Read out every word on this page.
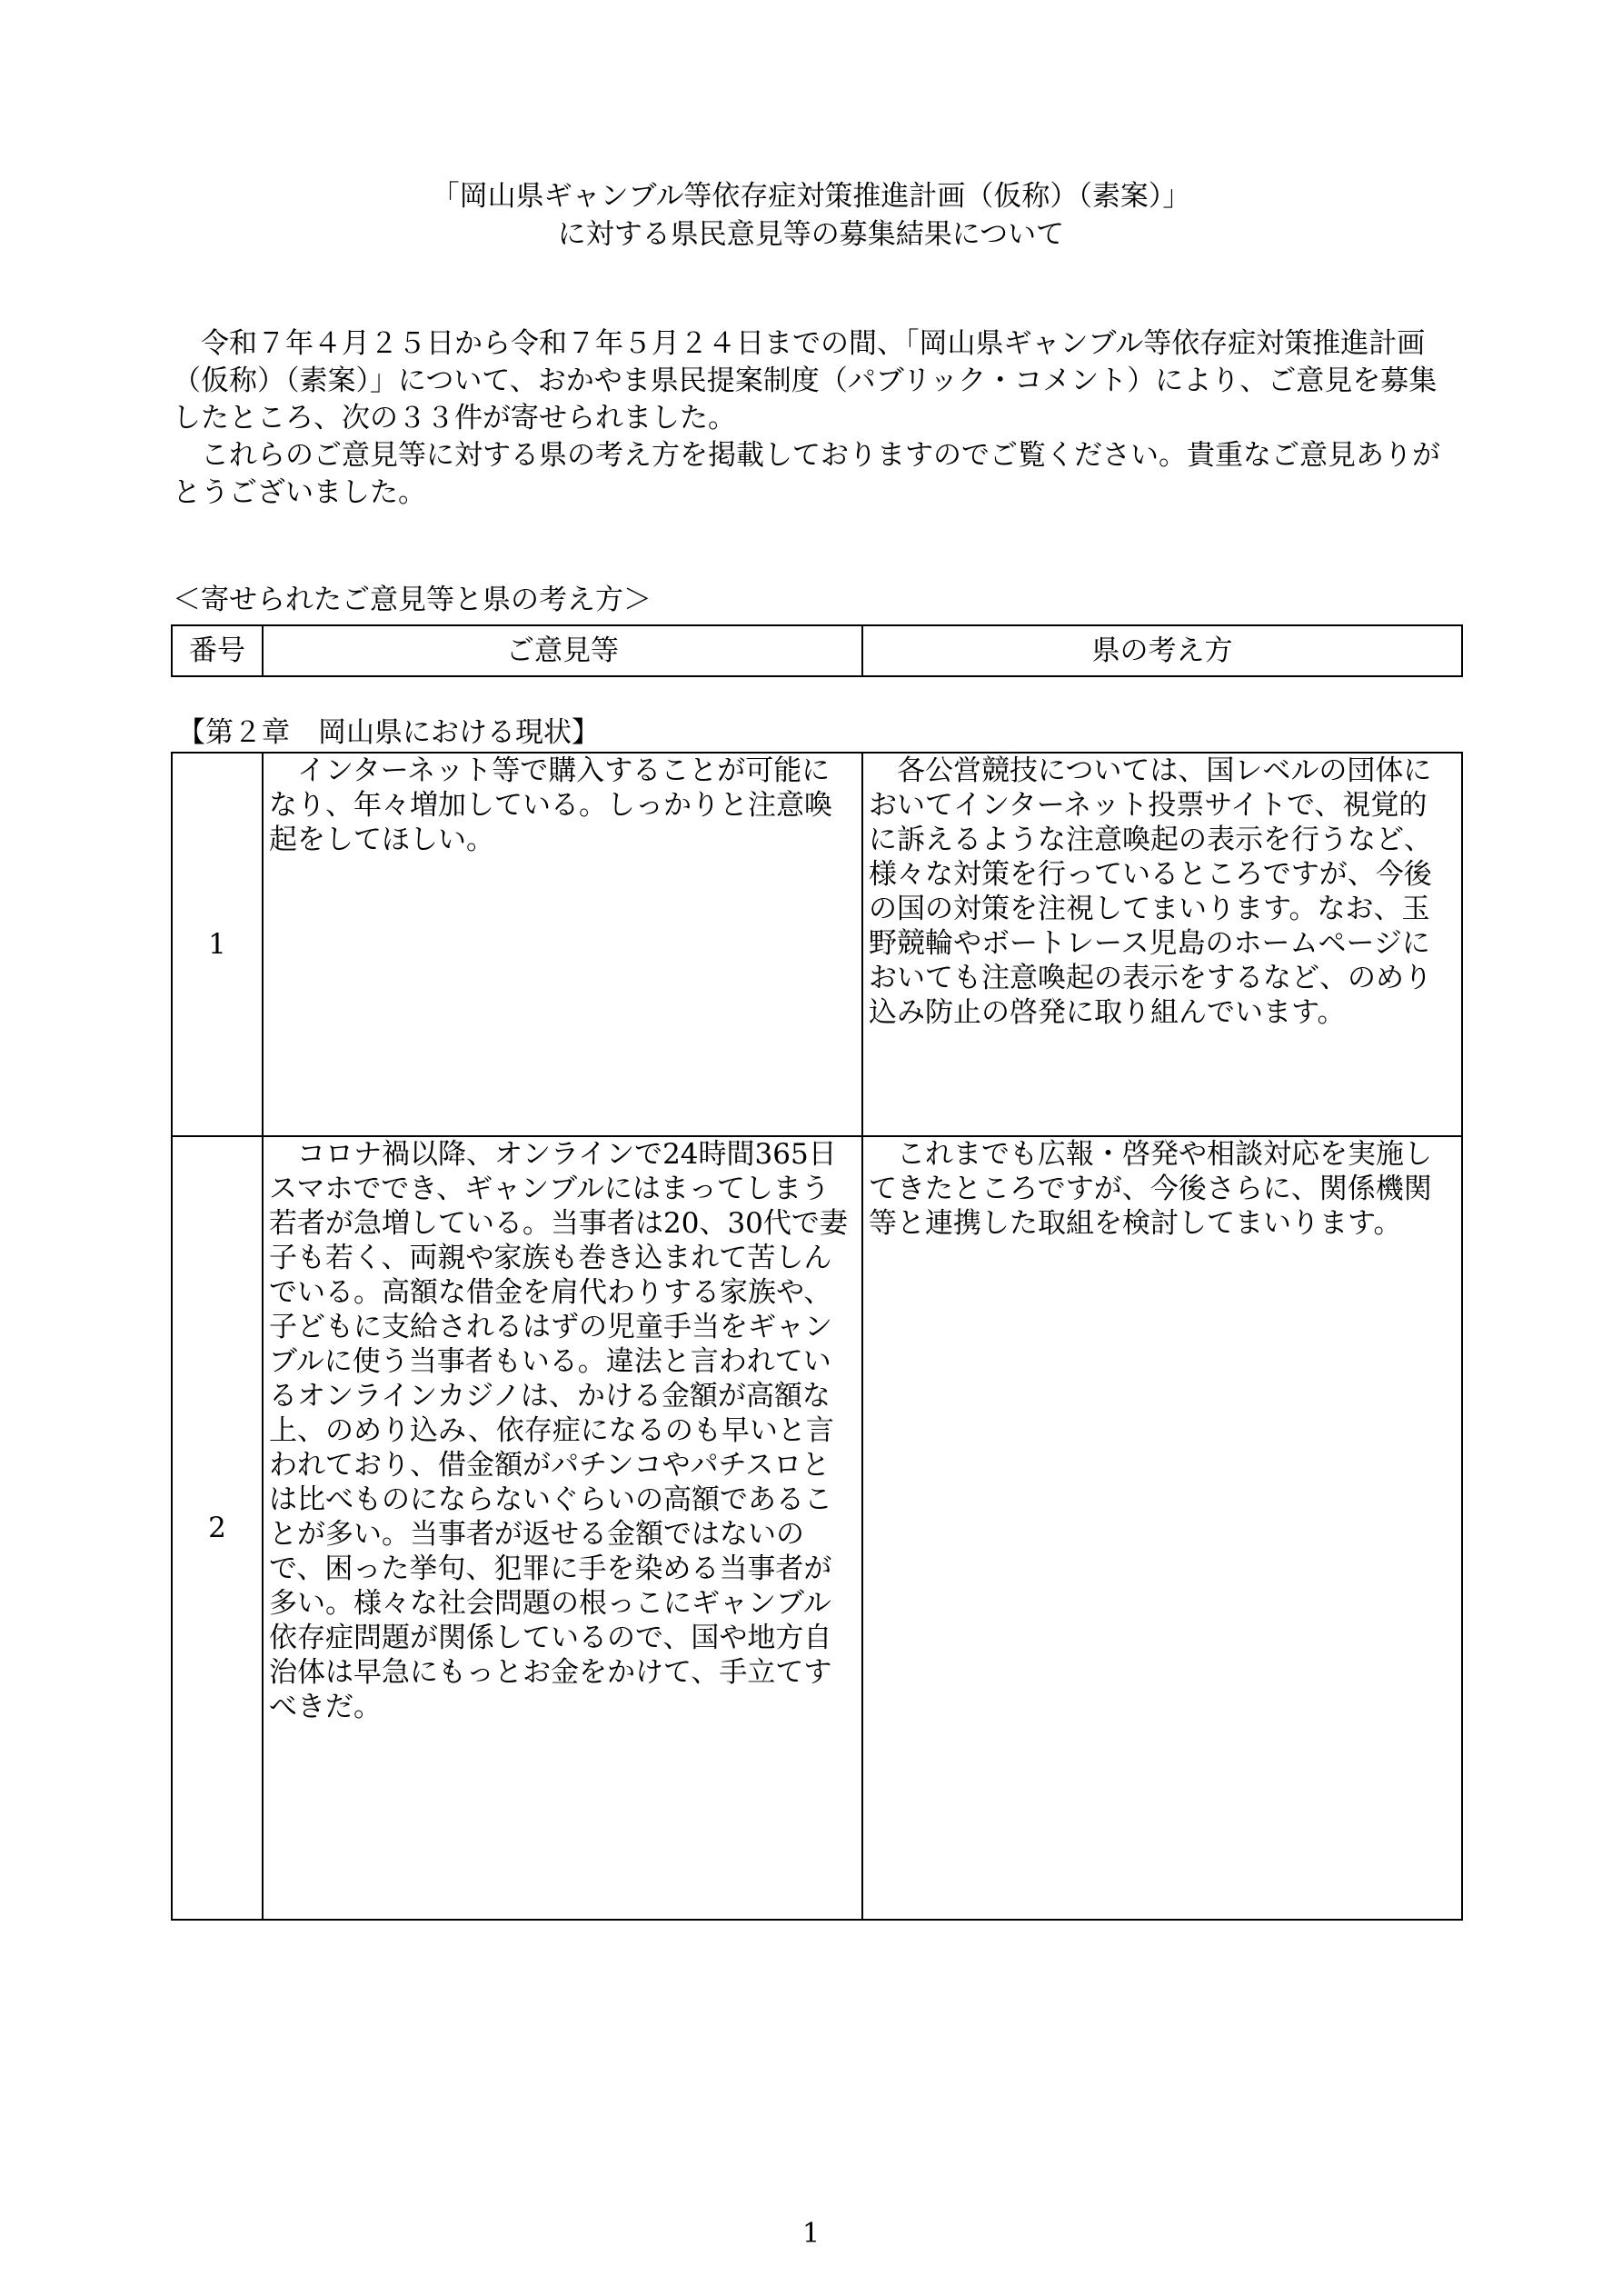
「岡山県ギャンブル等依存症対策推進計画（仮称）（素案）」
に対する県民意見等の募集結果について

令和７年４月２５日から令和７年５月２４日までの間、「岡山県ギャンブル等依存症対策推進計画（仮称）（素案）」について、おかやま県民提案制度（パブリック・コメント）により、ご意見を募集したところ、次の３３件が寄せられました。

これらのご意見等に対する県の考え方を掲載しておりますのでご覧ください。貴重なご意見ありがとうございました。

＜寄せられたご意見等と県の考え方＞
番号	ご意見等	県の考え方
【第２章　岡山県における現状】
1	インターネット等で購入することが可能になり、年々増加している。しっかりと注意喚起をしてほしい。	各公営競技については、国レベルの団体においてインターネット投票サイトで、視覚的に訴えるような注意喚起の表示を行うなど、様々な対策を行っているところですが、今後の国の対策を注視してまいります。なお、玉野競輪やボートレース児島のホームページにおいても注意喚起の表示をするなど、のめり込み防止の啓発に取り組んでいます。

2	コロナ禍以降、オンラインで24時間365日スマホででき、ギャンブルにはまってしまう若者が急増している。当事者は20、30代で妻子も若く、両親や家族も巻き込まれて苦しんでいる。高額な借金を肩代わりする家族や、子どもに支給されるはずの児童手当をギャンブルに使う当事者もいる。違法と言われているオンラインカジノは、かける金額が高額な上、のめり込み、依存症になるのも早いと言われており、借金額がパチンコやパチスロとは比べものにならないぐらいの高額であることが多い。当事者が返せる金額ではないので、困った挙句、犯罪に手を染める当事者が多い。様々な社会問題の根っこにギャンブル依存症問題が関係しているので、国や地方自治体は早急にもっとお金をかけて、手立てすべきだ。	これまでも広報・啓発や相談対応を実施してきたところですが、今後さらに、関係機関等と連携した取組を検討してまいります。
1
